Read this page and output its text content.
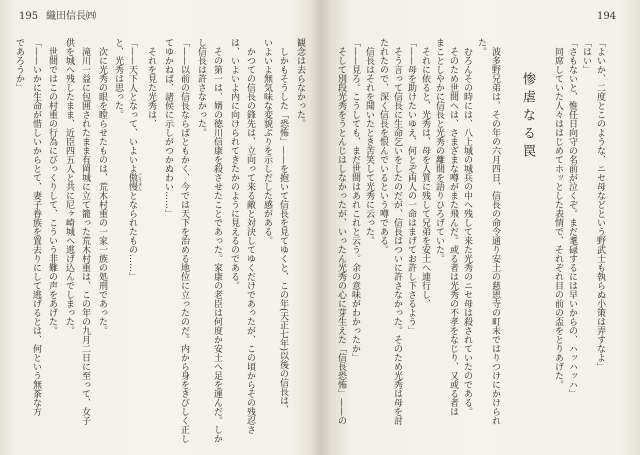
194
「よいか、二度とこのような、ニセ母などという野武士も執らぬ小策は弄すなよ」
「はい」
「さもないと、惟任日向守の名前が泣くぞ。まだ耄碌するには早いからの、ハッハッハ」
同席していた人々ははじめてホッとした表情で、それぞれ目の前の盃をとりあげた。
惨虐なる罠
波多野兄弟は、その年の六月四日、信長の命令通り安土の慈恩寺の町末ではりつけにかけられ
た。
むろんその時には、八上城の城兵の中へ残して来た光秀のニセ母は殺されていたのである。
そのため世間へは、さまざまな噂がまた飛んだ。或る者は光秀の不孝をなじり、又或る者は
まことしやかに信長と光秀の離間を語りひろげていた。
それに依ると、光秀は、母を人質に残して兄弟を安土へ連行し、
「——母を助けたいゆえ、何とぞ両人の一命はまげてお許し下さるよう」
そう言って信長に生命乞いをしたのだが、信長はついに許さなかった。そのため光秀は母を討
たれたので、深く信長を恨んでいるという噂である。
信長はそれを聞いたとき苦笑して光秀に云った。
「——見ろ。こうしても、まだ世間はあれこれと云う。余の意味がわかったか」
そして別段光秀をうとんじはしなかったが、いったん光秀の心に芽生えた「信長恐怖」——の
195 織田信長㈣
観念は去らなかった。
しかもそうした「恐怖」——を抱いて信長を見てゆくと、この年(天正七年)以後の信長は、
いよいよ無気味な変貌ぶりを示しだした感がある。
かつての信長の鋒先は、立向って来る敵と対決してゆくだけであったが、この頃からその残忍さ
は、いよいよ内に向けられてきたかのように見えるのである。
その第一は、婿の徳川信康を殺させたことであった。家康の老臣は何度か安土へ足を運んだ。しか
し信長は許さなかった。
「——以前の信長ならばともかく、今では天下を治める地位に立ったのだ。内から身をきびしく正し
てゆかねば、諸侯に示しがつかぬわい……」
それを見た光秀は、
「——天下人となって、いよいよ傲慢 ごうまんとなられたもの……」
と、光秀は思った。
次に光秀の眼を瞠らせたものは、荒木村重の一家一族の処刑であった。
滝川一益に包囲されたまま有岡城に立て籠った荒木村重は、この年の九月二日に至って、女子
供を城へ残したまま、近臣四五人と共に尼ヶ崎城へ逃げ込んでしまった。
世間ではこの村重の行為にびっくりして、こういう非難の声をあげた。
「——いかに生命が惜しいからとて、妻子眷族を置去りにして逃げるとは、何という無茶な方
であろうか」
